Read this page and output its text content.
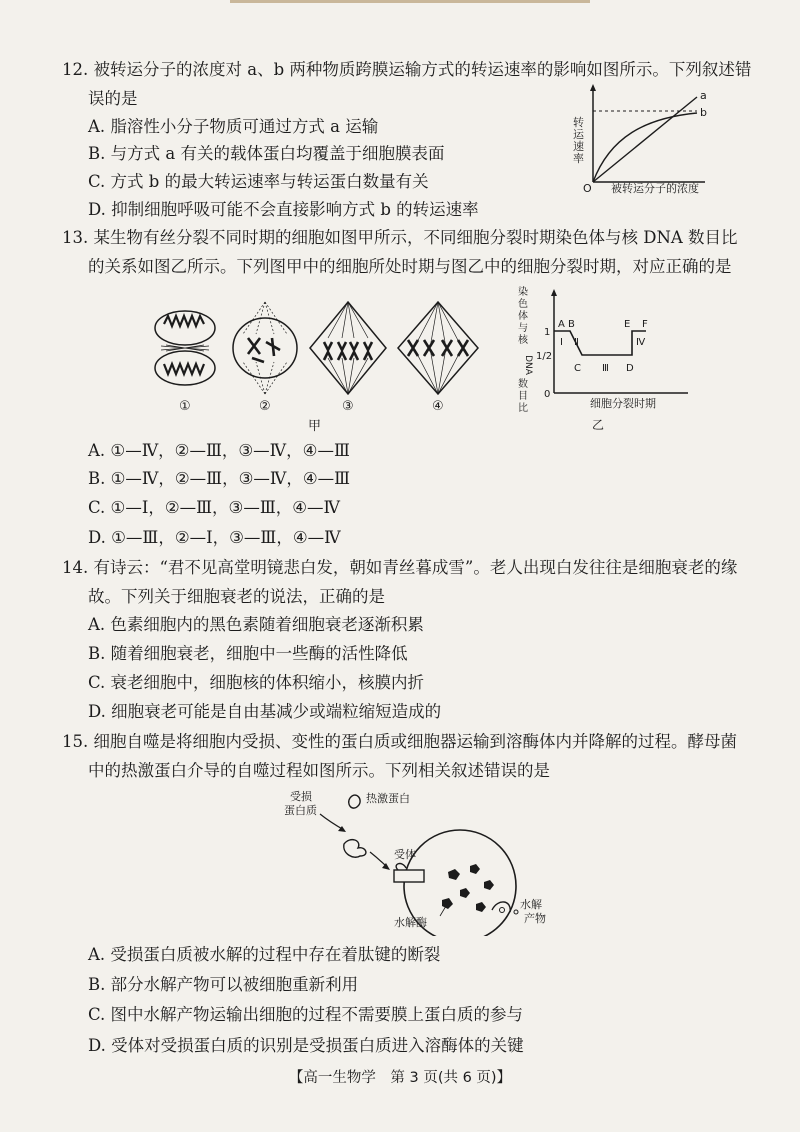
12. 被转运分子的浓度对 a、b 两种物质跨膜运输方式的转运速率的影响如图所示。下列叙述错
误的是
A. 脂溶性小分子物质可通过方式 a 运输
B. 与方式 a 有关的载体蛋白均覆盖于细胞膜表面
C. 方式 b 的最大转运速率与转运蛋白数量有关
D. 抑制细胞呼吸可能不会直接影响方式 b 的转运速率
a
b
转
运
速
率
O 被转运分子的浓度
13. 某生物有丝分裂不同时期的细胞如图甲所示，不同细胞分裂时期染色体与核 DNA 数目比
的关系如图乙所示。下列图甲中的细胞所处时期与图乙中的细胞分裂时期，对应正确的是
①	②	③	④
甲
A B
C	D
E F
Ⅰ Ⅱ
Ⅲ
Ⅳ
1
1/2
0
染
色
体
与
核
DNA
数
目
比	细胞分裂时期
乙
A. ①—Ⅳ，②—Ⅲ，③—Ⅳ，④—Ⅲ
B. ①—Ⅳ，②—Ⅲ，③—Ⅳ，④—Ⅲ
C. ①—Ⅰ，②—Ⅲ，③—Ⅲ，④—Ⅳ
D. ①—Ⅲ，②—Ⅰ，③—Ⅲ，④—Ⅳ
14. 有诗云：“君不见高堂明镜悲白发，朝如青丝暮成雪”。老人出现白发往往是细胞衰老的缘
故。下列关于细胞衰老的说法，正确的是
A. 色素细胞内的黑色素随着细胞衰老逐渐积累
B. 随着细胞衰老，细胞中一些酶的活性降低
C. 衰老细胞中，细胞核的体积缩小，核膜内折
D. 细胞衰老可能是自由基减少或端粒缩短造成的
15. 细胞自噬是将细胞内受损、变性的蛋白质或细胞器运输到溶酶体内并降解的过程。酵母菌
中的热激蛋白介导的自噬过程如图所示。下列相关叙述错误的是
受损
蛋白质
热激蛋白
受体
水解酶
水解
产物
A. 受损蛋白质被水解的过程中存在着肽键的断裂
B. 部分水解产物可以被细胞重新利用
C. 图中水解产物运输出细胞的过程不需要膜上蛋白质的参与
D. 受体对受损蛋白质的识别是受损蛋白质进入溶酶体的关键
【高一生物学　第 3 页(共 6 页)】
